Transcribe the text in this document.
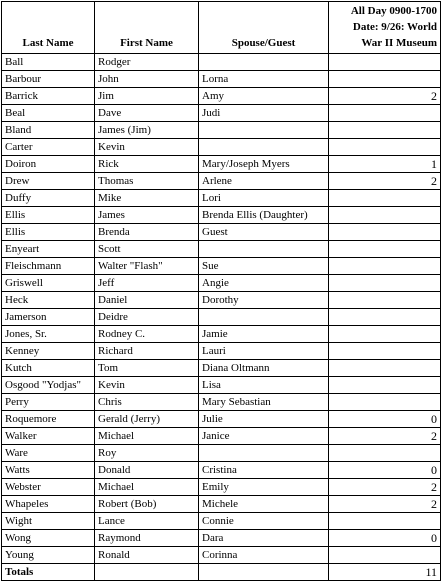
Last Name	First Name	Spouse/Guest	All Day 0900-1700
Date: 9/26: World
War II Museum

Ball	Rodger		
Barbour	John	Lorna	
Barrick	Jim	Amy	2
Beal	Dave	Judi	
Bland	James (Jim)		
Carter	Kevin		
Doiron	Rick	Mary/Joseph Myers	1
Drew	Thomas	Arlene	2
Duffy	Mike	Lori	
Ellis	James	Brenda Ellis (Daughter)	
Ellis	Brenda	Guest	
Enyeart	Scott		
Fleischmann	Walter "Flash"	Sue	
Griswell	Jeff	Angie	
Heck	Daniel	Dorothy	
Jamerson	Deidre		
Jones, Sr.	Rodney C.	Jamie	
Kenney	Richard	Lauri	
Kutch	Tom	Diana Oltmann	
Osgood "Yodjas"	Kevin	Lisa	
Perry	Chris	Mary Sebastian	
Roquemore	Gerald (Jerry)	Julie	0
Walker	Michael	Janice	2
Ware	Roy		
Watts	Donald	Cristina	0
Webster	Michael	Emily	2
Whapeles	Robert (Bob)	Michele	2
Wight	Lance	Connie	
Wong	Raymond	Dara	0
Young	Ronald	Corinna	
Totals			11
